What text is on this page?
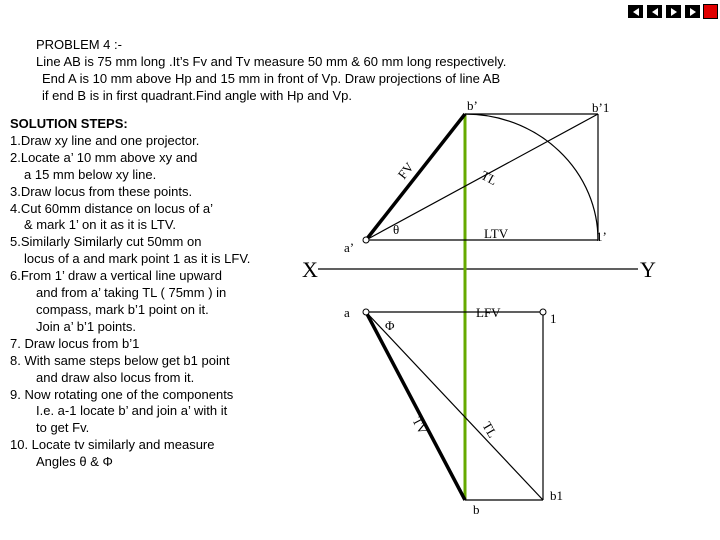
PROBLEM 4 :-
Line AB is 75 mm long .It’s Fv and Tv measure 50 mm & 60 mm long respectively.
End A is 10 mm above Hp and 15 mm in front of Vp. Draw projections of line AB
if end B is in first quadrant.Find angle with Hp and Vp.
SOLUTION STEPS:
1.Draw xy line and one projector.
2.Locate a’ 10 mm above xy and
a 15 mm below xy line.
3.Draw locus from these points.
4.Cut 60mm distance on locus of a’
& mark 1’ on it as it is LTV.
5.Similarly Similarly cut 50mm on
locus of a and mark point 1 as it is LFV.
6.From 1’ draw a vertical line upward
and from a’ taking TL ( 75mm ) in
compass, mark b’1 point on it.
Join a’ b’1 points.
7. Draw locus from b’1
8. With same steps below get b1 point
and draw also locus from it.
9. Now rotating one of the components
I.e. a-1 locate b’ and join a’ with it
to get Fv.
10. Locate tv similarly and measure
Angles θ & Φ
X	Y
a’
a
b’	b’1
1’
1
b
b1
FV
TV
TL
TL
LTV
LFV
θ
Φ
